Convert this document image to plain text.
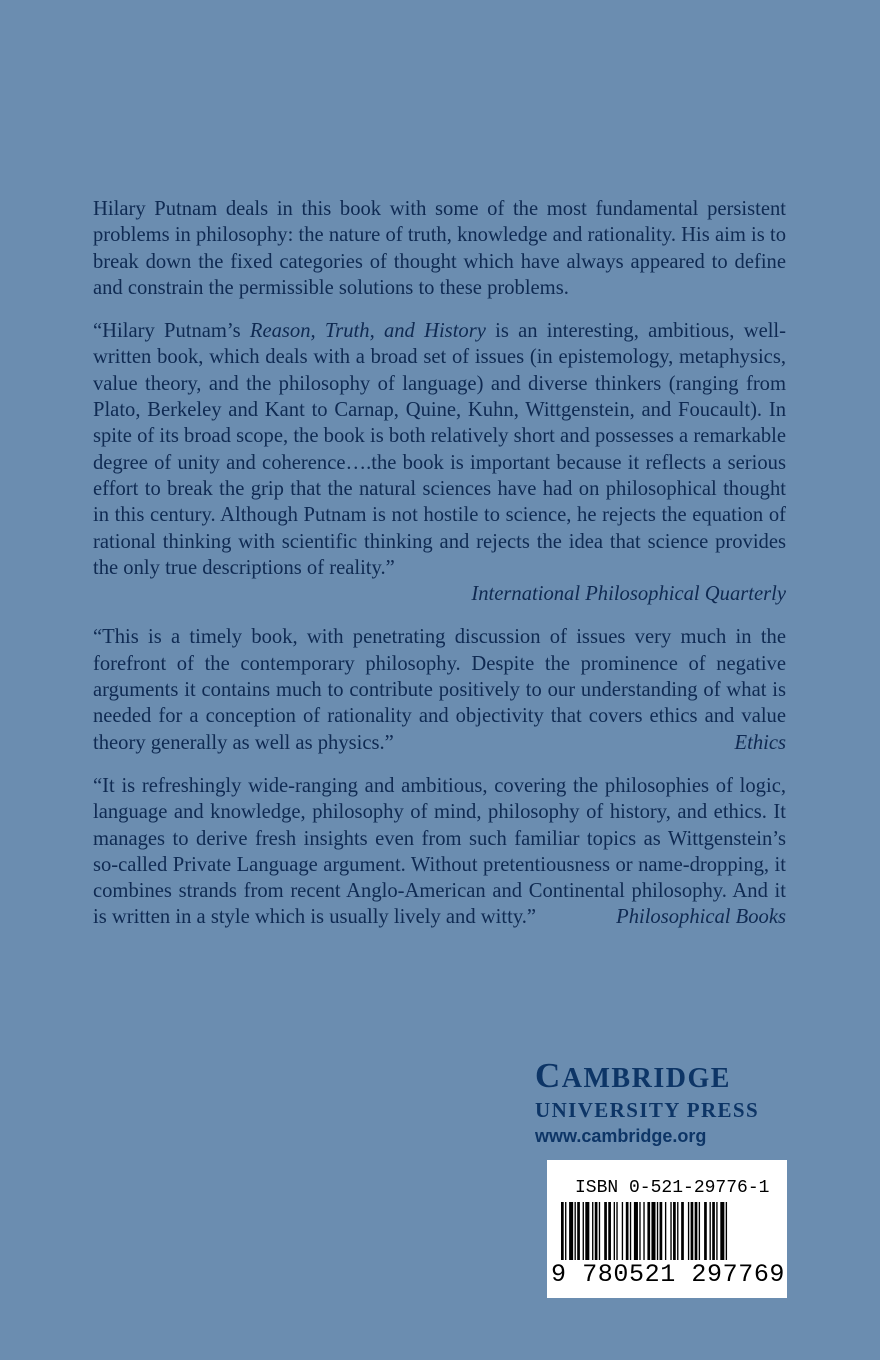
Hilary Putnam deals in this book with some of the most fundamental persistent problems in philosophy: the nature of truth, knowledge and rationality. His aim is to break down the fixed categories of thought which have always appeared to define and constrain the permissible solutions to these problems.

“Hilary Putnam’s Reason, Truth, and History is an interesting, ambitious, well-written book, which deals with a broad set of issues (in epistemology, metaphysics, value theory, and the philosophy of language) and diverse thinkers (ranging from Plato, Berkeley and Kant to Carnap, Quine, Kuhn, Wittgenstein, and Foucault). In spite of its broad scope, the book is both relatively short and possesses a remarkable degree of unity and coherence….the book is important because it reflects a serious effort to break the grip that the natural sciences have had on philosophical thought in this century. Although Putnam is not hostile to science, he rejects the equation of rational thinking with scientific thinking and rejects the idea that science provides the only true descriptions of reality.”
International Philosophical Quarterly

“This is a timely book, with penetrating discussion of issues very much in the forefront of the contemporary philosophy. Despite the prominence of negative arguments it contains much to contribute positively to our understanding of what is needed for a conception of rationality and objectivity that covers ethics and value theory generally as well as physics.”	Ethics

“It is refreshingly wide-ranging and ambitious, covering the philosophies of logic, language and knowledge, philosophy of mind, philosophy of history, and ethics. It manages to derive fresh insights even from such familiar topics as Wittgenstein’s so-called Private Language argument. Without pretentiousness or name-dropping, it combines strands from recent Anglo-American and Continental philosophy. And it is written in a style which is usually lively and witty.”	Philosophical Books

CAMBRIDGE
UNIVERSITY PRESS
www.cambridge.org
ISBN 0-521-29776-1
9 780521 297769
